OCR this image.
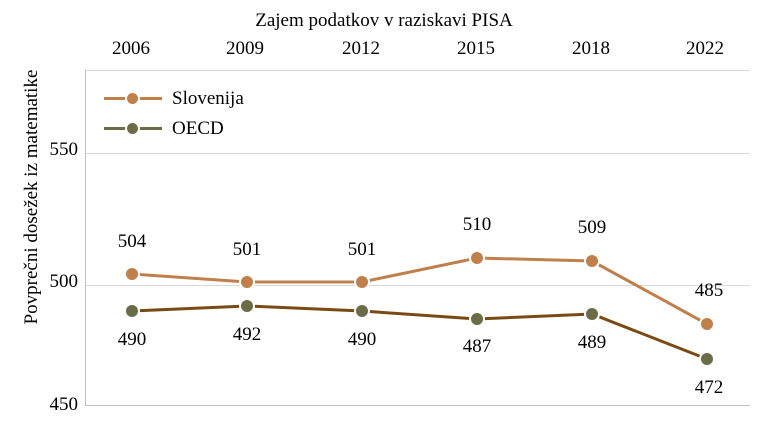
Zajem podatkov v raziskavi PISA
Povprečni dosežek iz matematike
2006	2009	2012	2015	2018	2022
550
500
450
504	501	501
510	509
485
490	492	490	487	489
472
Slovenija
OECD
